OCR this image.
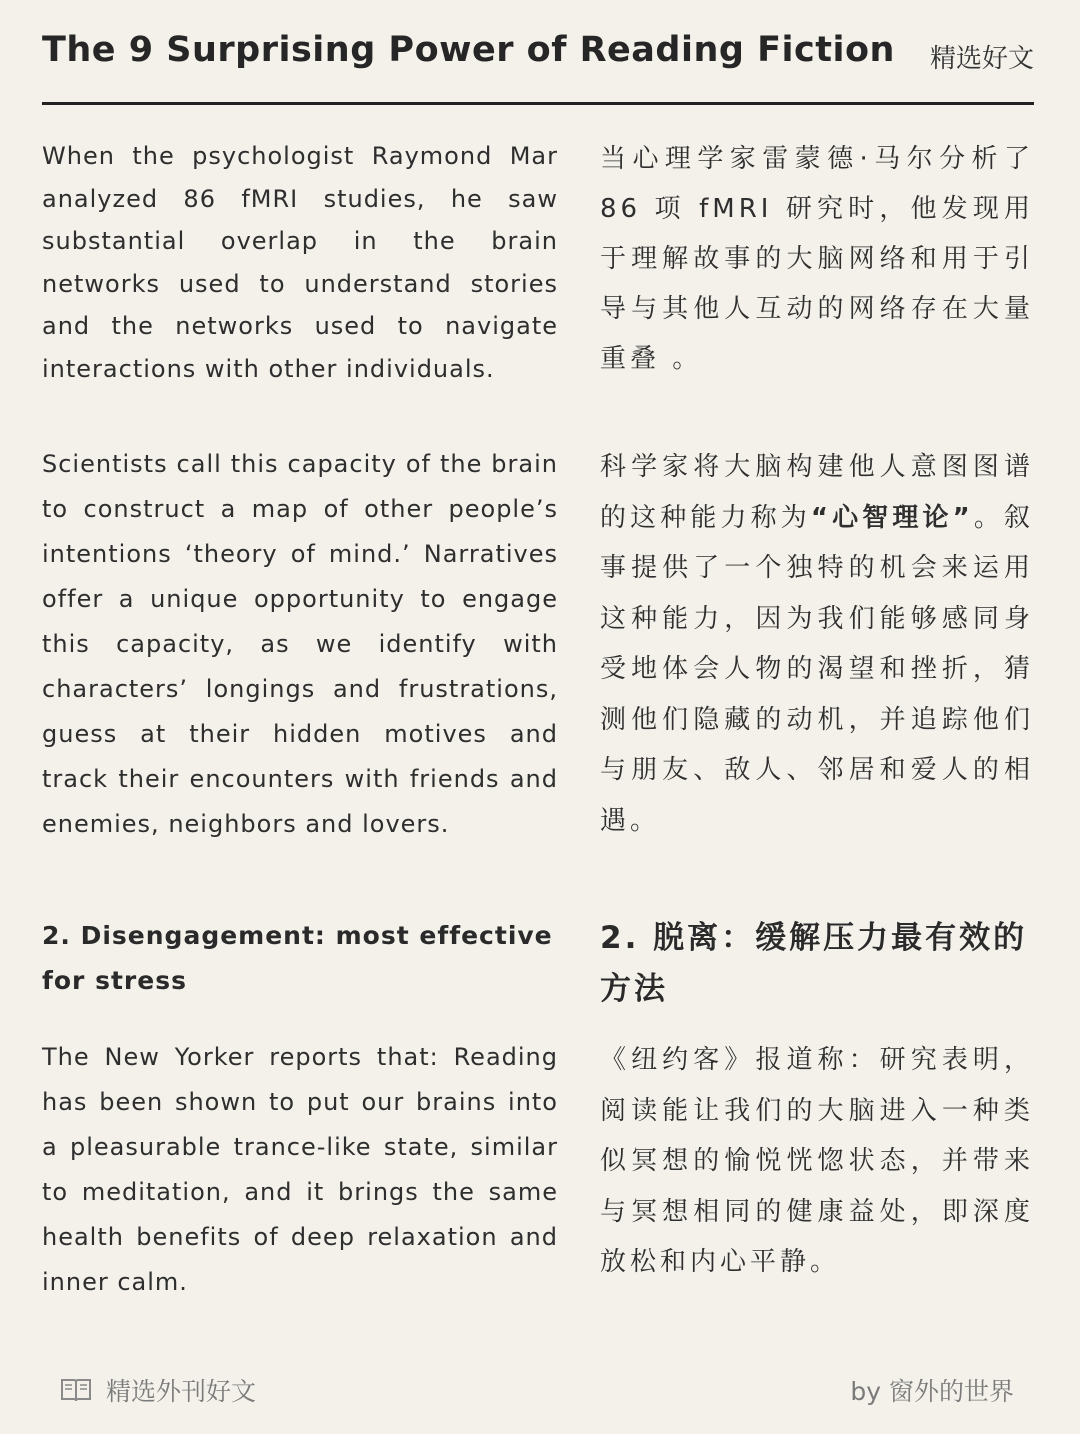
The 9 Surprising Power of Reading Fiction 精选好文
When the psychologist Raymond Mar analyzed 86 fMRI studies, he saw substantial overlap in the brain networks used to understand stories and the networks used to navigate interactions with other individuals.
当心理学家雷蒙德·马尔分析了 86 项 fMRI 研究时，他发现用于理解故事的大脑网络和用于引导与其他人互动的网络存在大量重叠 。
Scientists call this capacity of the brain to construct a map of other people’s intentions ‘theory of mind.’ Narratives offer a unique opportunity to engage this capacity, as we identify with characters’ longings and frustrations, guess at their hidden motives and track their encounters with friends and enemies, neighbors and lovers.
科学家将大脑构建他人意图图谱的这种能力称为“心智理论”。叙事提供了一个独特的机会来运用这种能力，因为我们能够感同身受地体会人物的渴望和挫折，猜测他们隐藏的动机，并追踪他们与朋友、敌人、邻居和爱人的相遇。
2. Disengagement: most effective for stress
2. 脱离：缓解压力最有效的方法
The New Yorker reports that: Reading has been shown to put our brains into a pleasurable trance-like state, similar to meditation, and it brings the same health benefits of deep relaxation and inner calm.
《纽约客》报道称：研究表明，阅读能让我们的大脑进入一种类似冥想的愉悦恍惚状态，并带来与冥想相同的健康益处，即深度放松和内心平静。
精选外刊好文	by 窗外的世界
